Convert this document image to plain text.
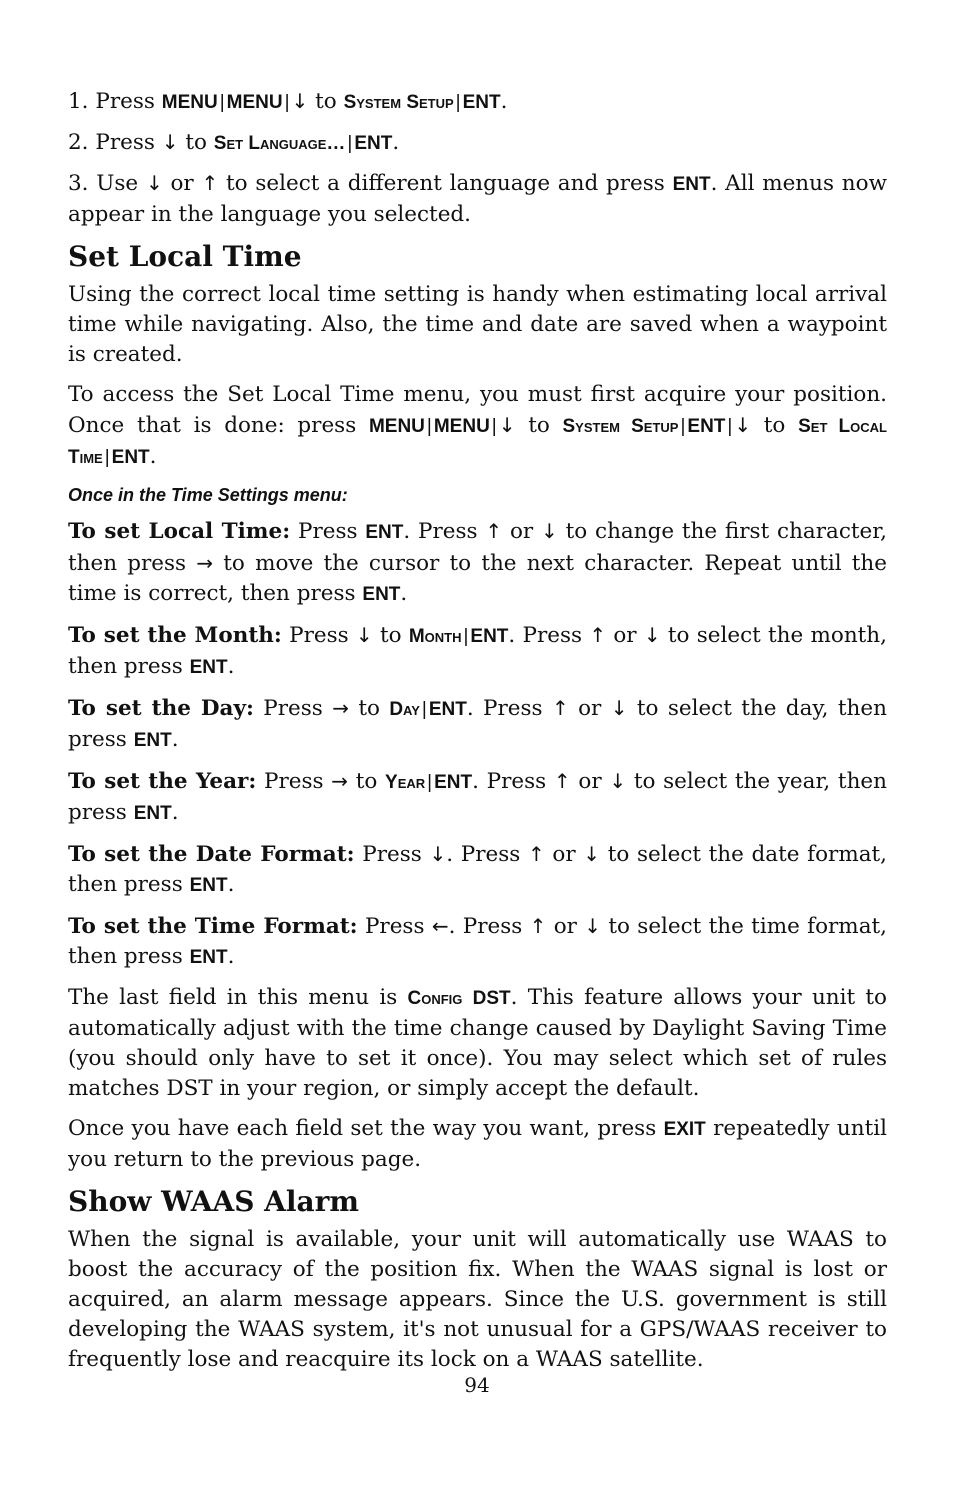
1. Press MENU | MENU | ↓ to System Setup | ENT.

2. Press ↓ to Set Language… | ENT.

3. Use ↓ or ↑ to select a different language and press ENT. All menus now appear in the language you selected.

Set Local Time

Using the correct local time setting is handy when estimating local arrival time while navigating. Also, the time and date are saved when a waypoint is created.

To access the Set Local Time menu, you must first acquire your position. Once that is done: press MENU | MENU | ↓ to System Setup | ENT | ↓ to Set Local Time | ENT.

Once in the Time Settings menu:

To set Local Time: Press ENT. Press ↑ or ↓ to change the first character, then press → to move the cursor to the next character. Repeat until the time is correct, then press ENT.

To set the Month: Press ↓ to Month | ENT. Press ↑ or ↓ to select the month, then press ENT.

To set the Day: Press → to Day | ENT. Press ↑ or ↓ to select the day, then press ENT.

To set the Year: Press → to Year | ENT. Press ↑ or ↓ to select the year, then press ENT.

To set the Date Format: Press ↓. Press ↑ or ↓ to select the date format, then press ENT.

To set the Time Format: Press ←. Press ↑ or ↓ to select the time format, then press ENT.

The last field in this menu is Config DST. This feature allows your unit to automatically adjust with the time change caused by Daylight Saving Time (you should only have to set it once). You may select which set of rules matches DST in your region, or simply accept the default.

Once you have each field set the way you want, press EXIT repeatedly until you return to the previous page.

Show WAAS Alarm

When the signal is available, your unit will automatically use WAAS to boost the accuracy of the position fix. When the WAAS signal is lost or acquired, an alarm message appears. Since the U.S. government is still developing the WAAS system, it's not unusual for a GPS/WAAS receiver to frequently lose and reacquire its lock on a WAAS satellite.

94
